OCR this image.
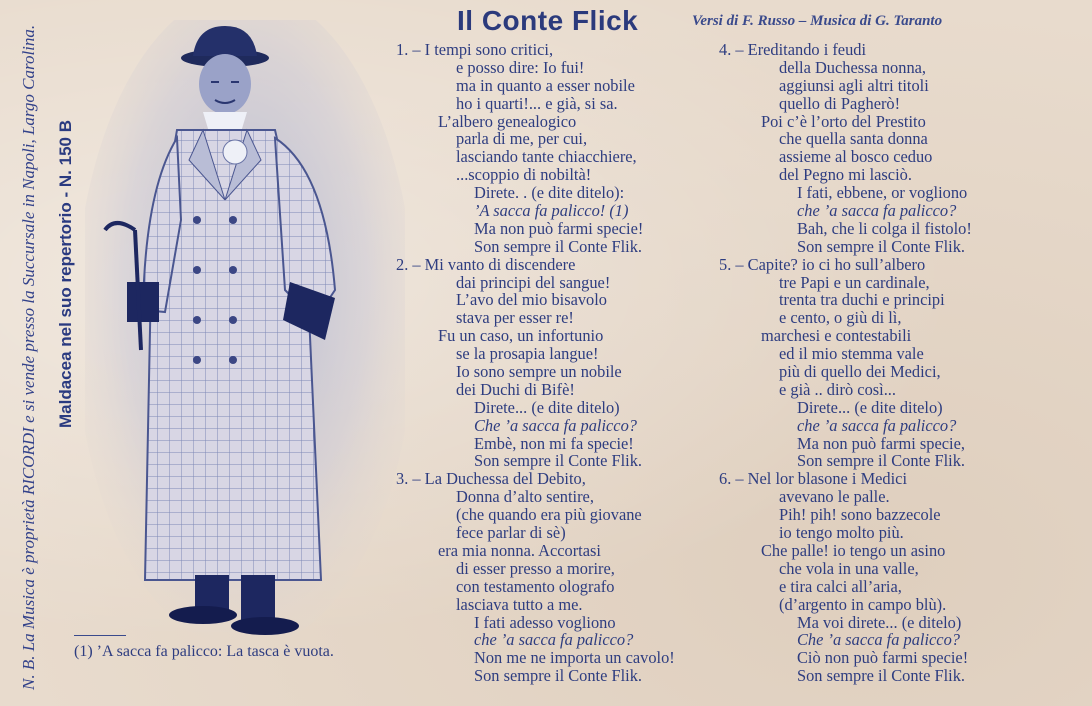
N. B. La Musica è proprietà RICORDI e si vende presso la Succursale in Napoli, Largo Carolina. Maldacea nel suo repertorio - N. 150 B
Il Conte Flick	Versi di F. Russo – Musica di G. Taranto
1. – I tempi sono critici,
e posso dire: Io fui!
ma in quanto a esser nobile
ho i quarti!... e già, si sa.
L’albero genealogico
parla di me, per cui,
lasciando tante chiacchiere,
...scoppio di nobiltà!
Direte. . (e dite ditelo):
’A sacca fa palicco! (1)
Ma non può farmi specie!
Son sempre il Conte Flik.
2. – Mi vanto di discendere
dai principi del sangue!
L’avo del mio bisavolo
stava per esser re!
Fu un caso, un infortunio
se la prosapia langue!
Io sono sempre un nobile
dei Duchi di Bifè!
Direte... (e dite ditelo)
Che ’a sacca fa palicco?
Embè, non mi fa specie!
Son sempre il Conte Flik.
3. – La Duchessa del Debito,
Donna d’alto sentire,
(che quando era più giovane
fece parlar di sè)
era mia nonna. Accortasi
di esser presso a morire,
con testamento olografo
lasciava tutto a me.
I fati adesso vogliono
che ’a sacca fa palicco?
Non me ne importa un cavolo!
Son sempre il Conte Flik.
4. – Ereditando i feudi
della Duchessa nonna,
aggiunsi agli altri titoli
quello di Pagherò!
Poi c’è l’orto del Prestito
che quella santa donna
assieme al bosco ceduo
del Pegno mi lasciò.
I fati, ebbene, or vogliono
che ’a sacca fa palicco?
Bah, che li colga il fistolo!
Son sempre il Conte Flik.
5. – Capite? io ci ho sull’albero
tre Papi e un cardinale,
trenta tra duchi e principi
e cento, o giù di lì,
marchesi e contestabili
ed il mio stemma vale
più di quello dei Medici,
e già .. dirò così...
Direte... (e dite ditelo)
che ’a sacca fa palicco?
Ma non può farmi specie,
Son sempre il Conte Flik.
6. – Nel lor blasone i Medici
avevano le palle.
Pih! pih! sono bazzecole
io tengo molto più.
Che palle! io tengo un asino
che vola in una valle,
e tira calci all’aria,
(d’argento in campo blù).
Ma voi direte... (e ditelo)
Che ’a sacca fa palicco?
Ciò non può farmi specie!
Son sempre il Conte Flik.
(1) ’A sacca fa palicco: La tasca è vuota.
